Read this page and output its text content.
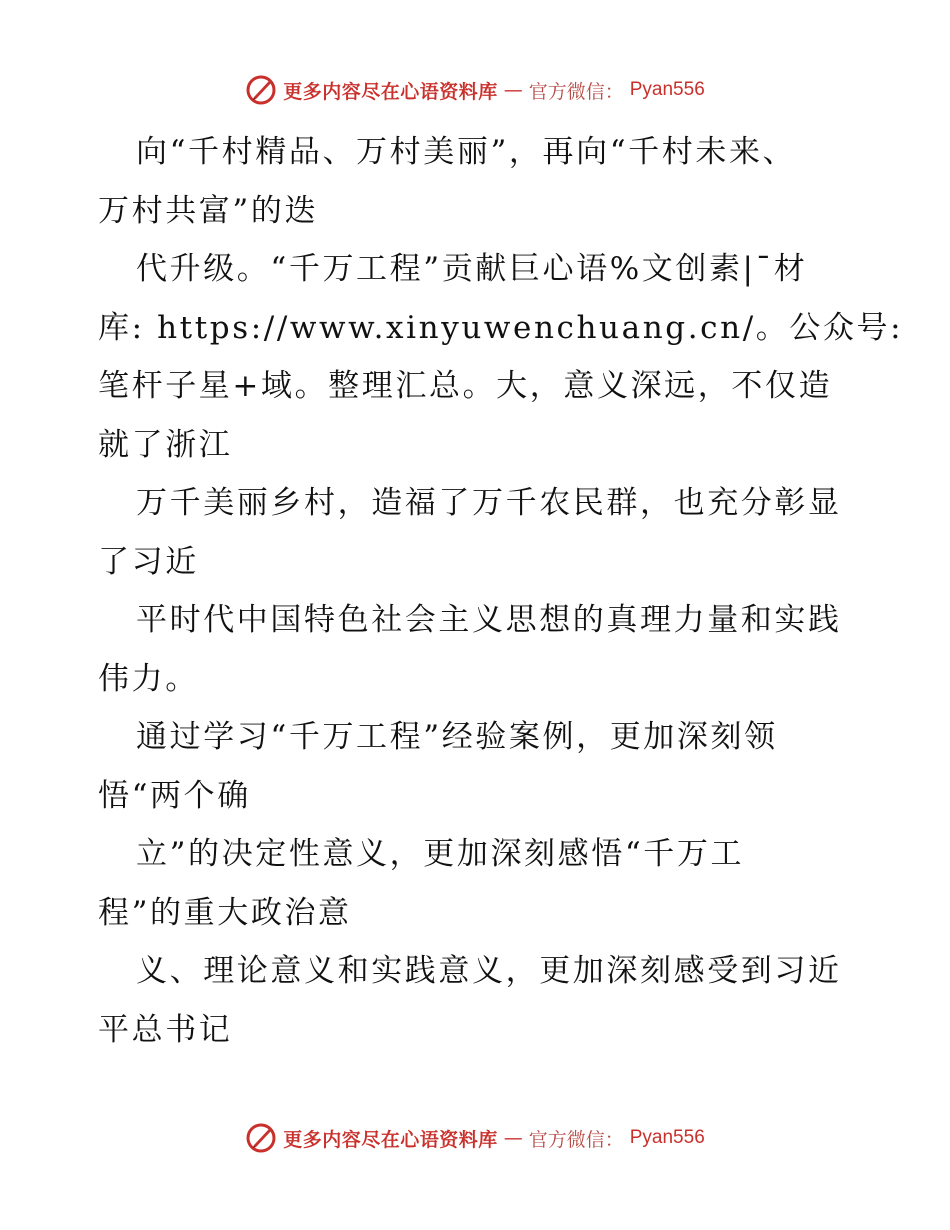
更多内容尽在心语资料库 — 官方微信： Pyan556
向“千村精品、万村美丽”，再向“千村未来、
万村共富”的迭
代升级。“千万工程”贡献巨心语%文创素|¯材
库: https://www.xinyuwenchuang.cn/。公众号:
笔杆子星+域。整理汇总。大，意义深远，不仅造
就了浙江
万千美丽乡村，造福了万千农民群，也充分彰显
了习近
平时代中国特色社会主义思想的真理力量和实践
伟力。
通过学习“千万工程”经验案例，更加深刻领
悟“两个确
立”的决定性意义，更加深刻感悟“千万工
程”的重大政治意
义、理论意义和实践意义，更加深刻感受到习近
平总书记
更多内容尽在心语资料库 — 官方微信： Pyan556
